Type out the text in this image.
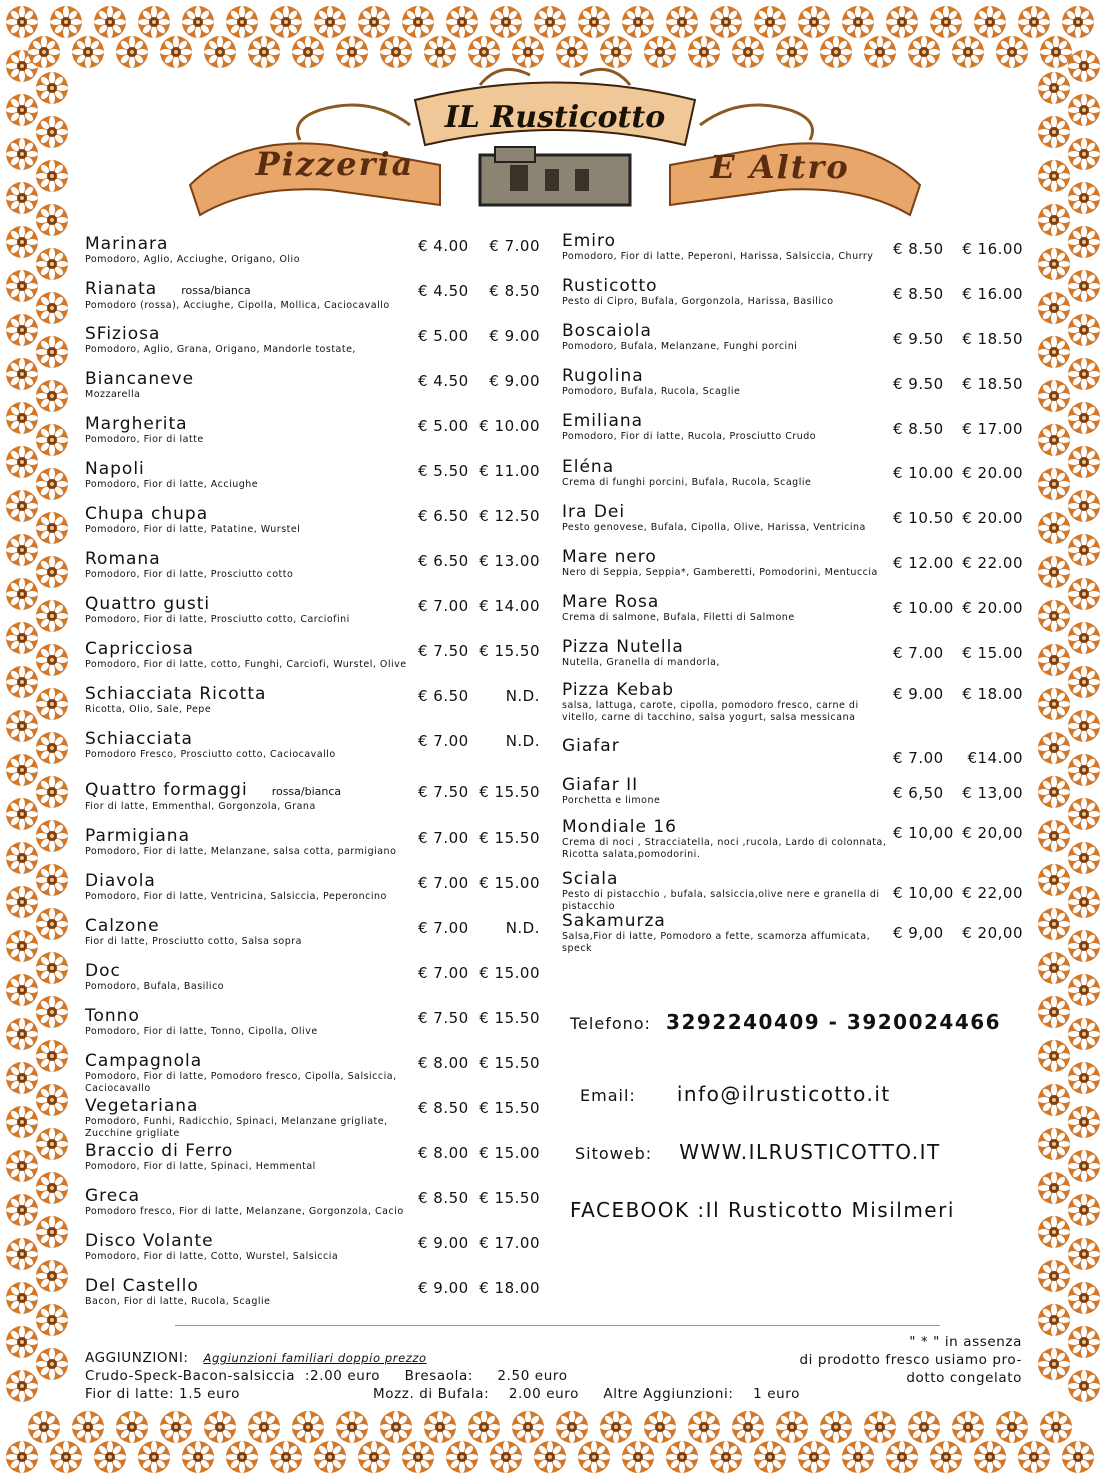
IL Rusticotto
Pizzeria	E Altro
Marinara
Pomodoro, Aglio, Acciughe, Origano, Olio
€ 4.00 € 7.00
Rianata rossa/bianca
Pomodoro (rossa), Acciughe, Cipolla, Mollica, Caciocavallo
€ 4.50 € 8.50
SFiziosa
Pomodoro, Aglio, Grana, Origano, Mandorle tostate,
€ 5.00 € 9.00
Biancaneve
Mozzarella
€ 4.50 € 9.00
Margherita
Pomodoro, Fior di latte
€ 5.00 € 10.00
Napoli
Pomodoro, Fior di latte, Acciughe
€ 5.50 € 11.00
Chupa chupa
Pomodoro, Fior di latte, Patatine, Wurstel
€ 6.50 € 12.50
Romana
Pomodoro, Fior di latte, Prosciutto cotto
€ 6.50 € 13.00
Quattro gusti
Pomodoro, Fior di latte, Prosciutto cotto, Carciofini
€ 7.00 € 14.00
Capricciosa
Pomodoro, Fior di latte, cotto, Funghi, Carciofi, Wurstel, Olive
€ 7.50 € 15.50
Schiacciata Ricotta
Ricotta, Olio, Sale, Pepe
€ 6.50 N.D.
Schiacciata
Pomodoro Fresco, Prosciutto cotto, Caciocavallo
€ 7.00 N.D.
Quattro formaggi rossa/bianca
Fior di latte, Emmenthal, Gorgonzola, Grana
€ 7.50 € 15.50
Parmigiana
Pomodoro, Fior di latte, Melanzane, salsa cotta, parmigiano
€ 7.00 € 15.50
Diavola
Pomodoro, Fior di latte, Ventricina, Salsiccia, Peperoncino
€ 7.00 € 15.00
Calzone
Fior di latte, Prosciutto cotto, Salsa sopra
€ 7.00 N.D.
Doc
Pomodoro, Bufala, Basilico
€ 7.00 € 15.00
Tonno
Pomodoro, Fior di latte, Tonno, Cipolla, Olive
€ 7.50 € 15.50
Campagnola
Pomodoro, Fior di latte, Pomodoro fresco, Cipolla, Salsiccia, Caciocavallo
€ 8.00 € 15.50
Vegetariana
Pomodoro, Funhi, Radicchio, Spinaci, Melanzane grigliate, Zucchine grigliate
€ 8.50 € 15.50
Braccio di Ferro
Pomodoro, Fior di latte, Spinaci, Hemmental
€ 8.00 € 15.00
Greca
Pomodoro fresco, Fior di latte, Melanzane, Gorgonzola, Cacio
€ 8.50 € 15.50
Disco Volante
Pomodoro, Fior di latte, Cotto, Wurstel, Salsiccia
€ 9.00 € 17.00
Del Castello
Bacon, Fior di latte, Rucola, Scaglie
€ 9.00 € 18.00
Emiro
Pomodoro, Fior di latte, Peperoni, Harissa, Salsiccia, Churry	€ 8.50 € 16.00
Rusticotto
Pesto di Cipro, Bufala, Gorgonzola, Harissa, Basilico	€ 8.50 € 16.00
Boscaiola
Pomodoro, Bufala, Melanzane, Funghi porcini	€ 9.50 € 18.50
Rugolina
Pomodoro, Bufala, Rucola, Scaglie	€ 9.50 € 18.50
Emiliana
Pomodoro, Fior di latte, Rucola, Prosciutto Crudo	€ 8.50 € 17.00
Eléna
Crema di funghi porcini, Bufala, Rucola, Scaglie
€ 10.00 € 20.00
Ira Dei
Pesto genovese, Bufala, Cipolla, Olive, Harissa, Ventricina
€ 10.50 € 20.00
Mare nero
Nero di Seppia, Seppia*, Gamberetti, Pomodorini, Mentuccia
€ 12.00 € 22.00
Mare Rosa
Crema di salmone, Bufala, Filetti di Salmone
€ 10.00 € 20.00
Pizza Nutella
Nutella, Granella di mandorla,
€ 7.00 € 15.00
Pizza Kebab
salsa, lattuga, carote, cipolla, pomodoro fresco, carne di vitello, carne di tacchino, salsa yogurt, salsa messicana
€ 9.00 € 18.00
Giafar
€ 7.00 €14.00
Giafar II
Porchetta e limone	€ 6,50 € 13,00
Mondiale 16
Crema di noci , Stracciatella, noci ,rucola, Lardo di colonnata, Ricotta salata,pomodorini.
€ 10,00 € 20,00
Sciala
Pesto di pistacchio , bufala, salsiccia,olive nere e granella di pistacchio
€ 10,00 € 22,00
Sakamurza
Salsa,Fior di latte, Pomodoro a fette, scamorza affumicata, speck
€ 9,00 € 20,00
Telefono: 3292240409 - 3920024466
Email: info@ilrusticotto.it
Sitoweb: WWW.ILRUSTICOTTO.IT
FACEBOOK :Il Rusticotto Misilmeri
AGGIUNZIONI: Aggiunzioni familiari doppio prezzo
Crudo-Speck-Bacon-salsiccia  :2.00 euro     Bresaola:     2.50 euro
Fior di latte: 1.5 euro	Mozz. di Bufala:    2.00 euro     Altre Aggiunzioni:    1 euro
" * " in assenza
di prodotto fresco usiamo pro-
dotto congelato
